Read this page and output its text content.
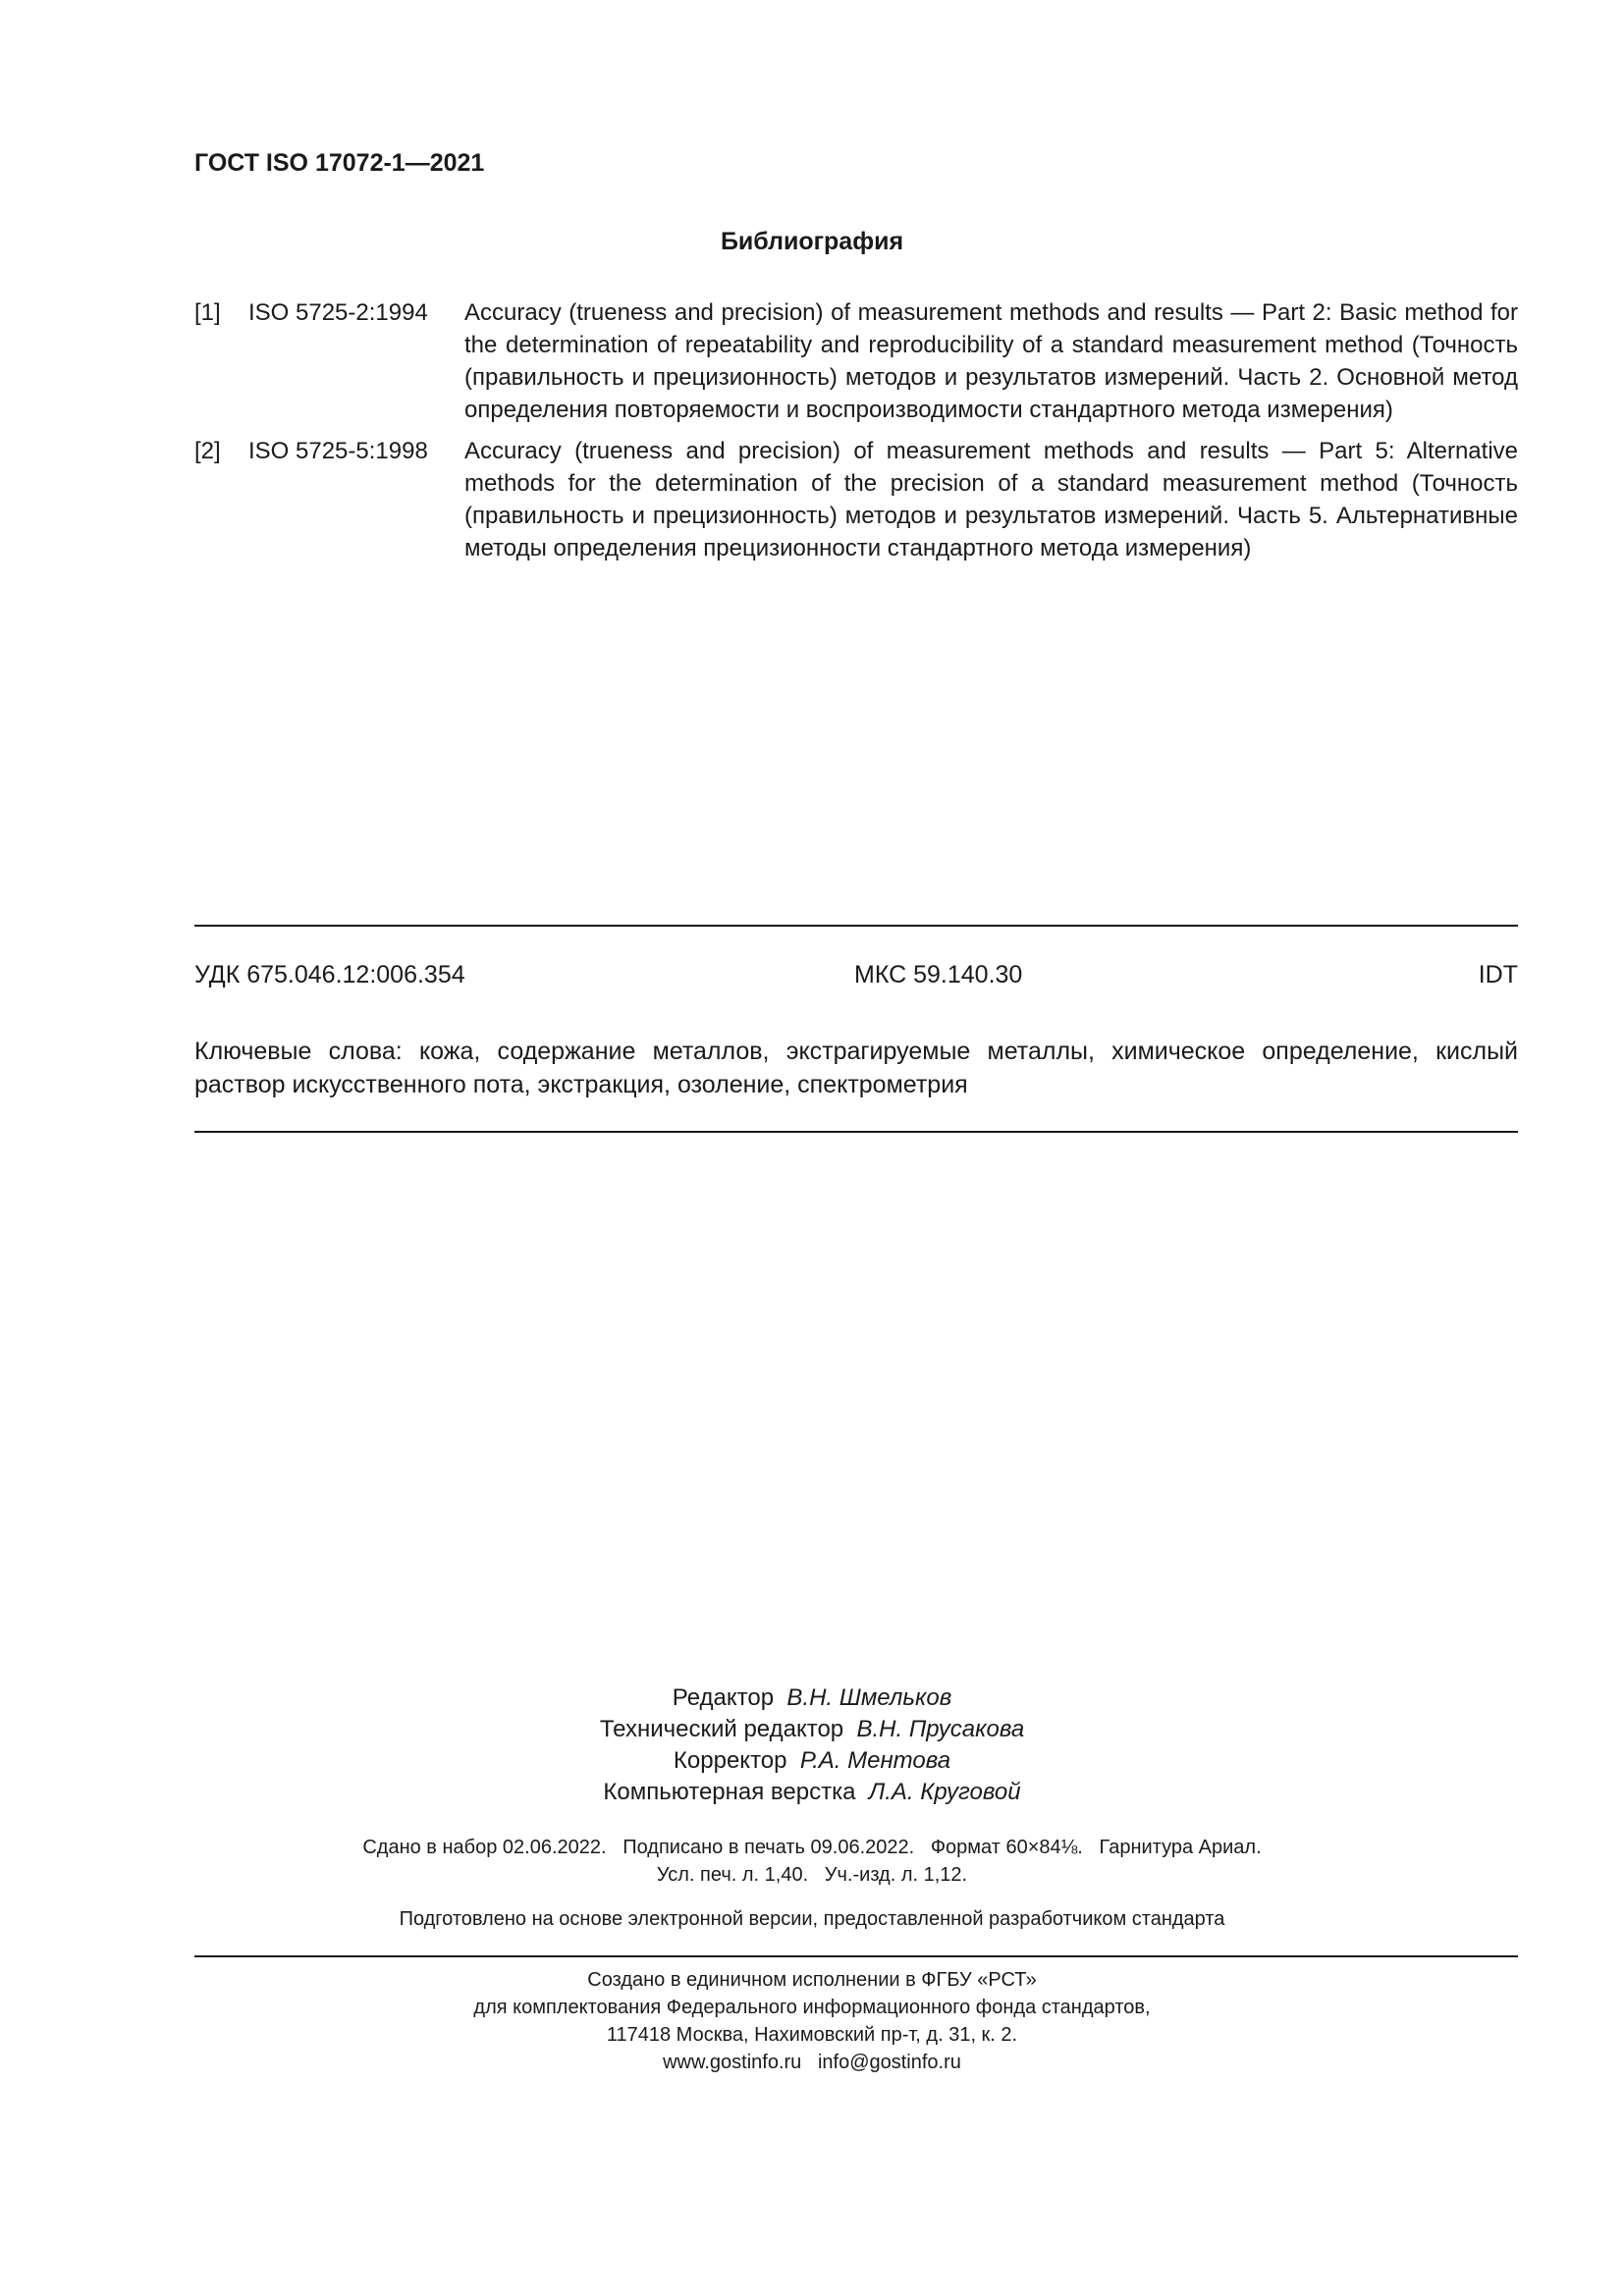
ГОСТ ISO 17072-1—2021
Библиография
[1]	ISO 5725-2:1994	Accuracy (trueness and precision) of measurement methods and results — Part 2: Basic method for the determination of repeatability and reproducibility of a standard measurement method (Точность (правильность и прецизионность) методов и результатов измерений. Часть 2. Основной метод определения повторяемости и воспроизводимости стандартного метода измерения)
[2]	ISO 5725-5:1998	Accuracy (trueness and precision) of measurement methods and results — Part 5: Alternative methods for the determination of the precision of a standard measurement method (Точность (правильность и прецизионность) методов и результатов измерений. Часть 5. Альтернативные методы определения прецизионности стандартного метода измерения)
УДК 675.046.12:006.354	МКС 59.140.30	IDT
Ключевые слова: кожа, содержание металлов, экстрагируемые металлы, химическое определение, кислый раствор искусственного пота, экстракция, озоление, спектрометрия
Редактор В.Н. Шмельков
Технический редактор В.Н. Прусакова
Корректор Р.А. Ментова
Компьютерная верстка Л.А. Круговой
Сдано в набор 02.06.2022.   Подписано в печать 09.06.2022.   Формат 60×84⅛.   Гарнитура Ариал.
Усл. печ. л. 1,40.   Уч.-изд. л. 1,12.
Подготовлено на основе электронной версии, предоставленной разработчиком стандарта
Создано в единичном исполнении в ФГБУ «РСТ»
для комплектования Федерального информационного фонда стандартов,
117418 Москва, Нахимовский пр-т, д. 31, к. 2.
www.gostinfo.ru info@gostinfo.ru
